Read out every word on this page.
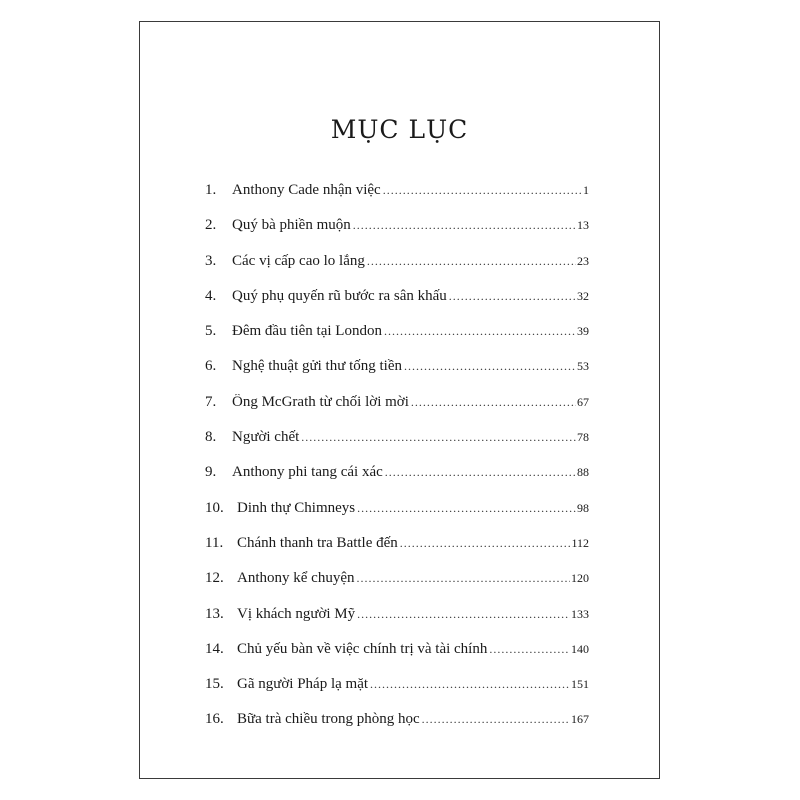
MỤC LỤC
1.	Anthony Cade nhận việc .....	1
2.	Quý bà phiền muộn .....	13
3.	Các vị cấp cao lo lắng .....	23
4.	Quý phụ quyến rũ bước ra sân khấu .....	32
5.	Đêm đầu tiên tại London .....	39
6.	Nghệ thuật gửi thư tống tiền .....	53
7.	Ông McGrath từ chối lời mời .....	67
8.	Người chết .....	78
9.	Anthony phi tang cái xác .....	88
10. Dinh thự Chimneys .....	98
11. Chánh thanh tra Battle đến .....	112
12. Anthony kể chuyện .....	120
13. Vị khách người Mỹ .....	133
14. Chủ yếu bàn về việc chính trị và tài chính .....	140
15. Gã người Pháp lạ mặt .....	151
16. Bữa trà chiều trong phòng học .....	167
